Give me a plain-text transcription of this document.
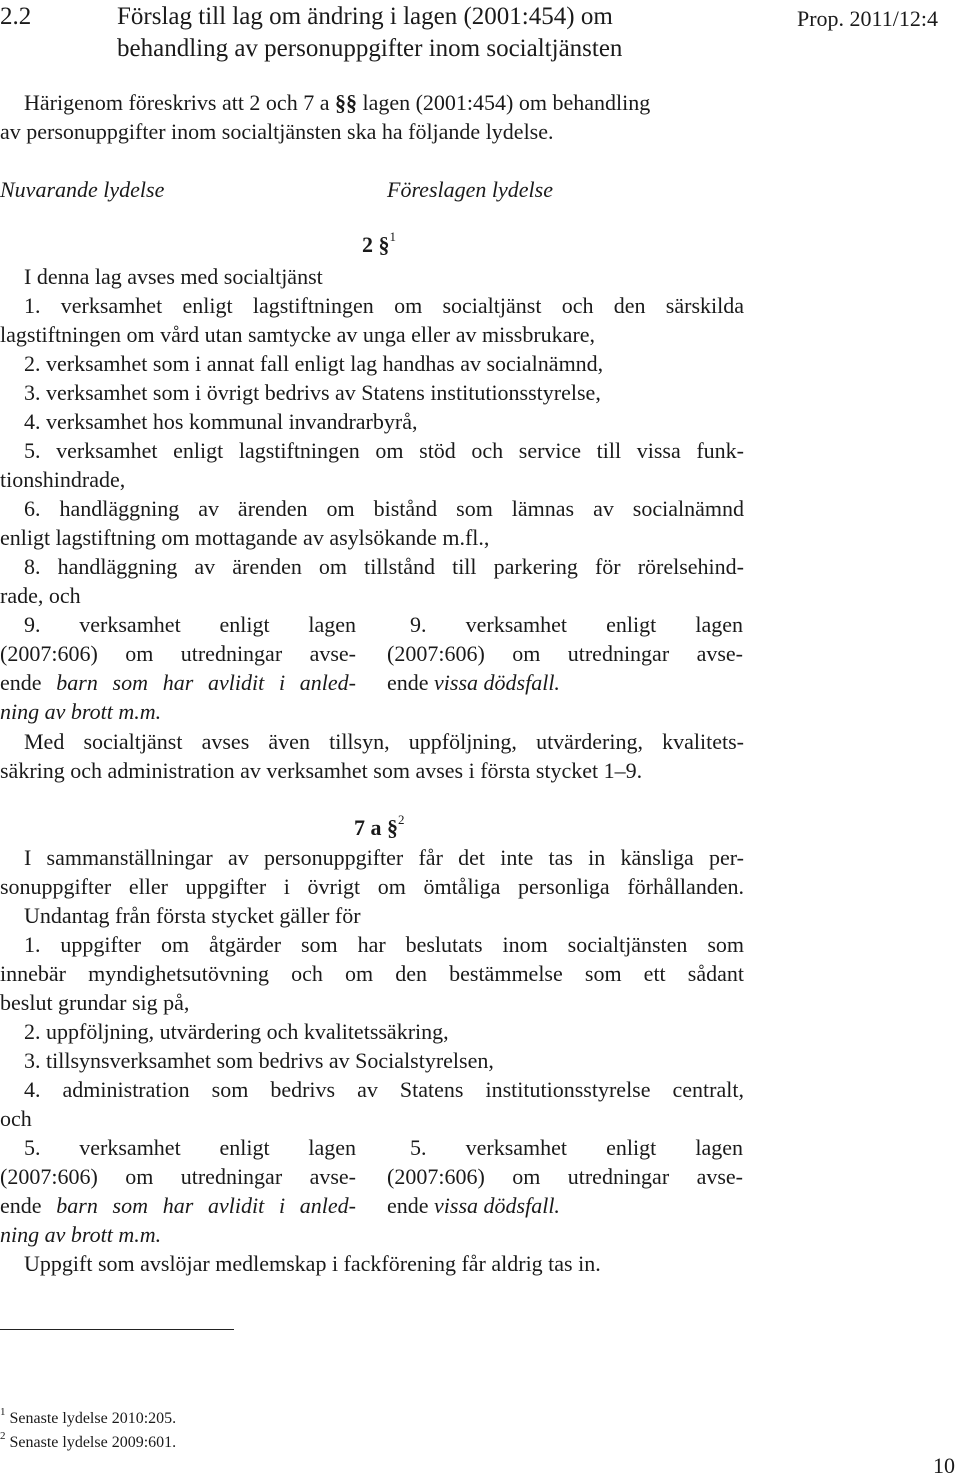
2.2	Förslag till lag om ändring i lagen (2001:454) om
behandling av personuppgifter inom socialtjänsten
Prop. 2011/12:4
Härigenom föreskrivs att 2 och 7 a §§ lagen (2001:454) om behandling
av personuppgifter inom socialtjänsten ska ha följande lydelse.
Nuvarande lydelse	Föreslagen lydelse
2 §$^1$
I denna lag avses med socialtjänst
1. verksamhet enligt lagstiftningen om socialtjänst och den särskilda
lagstiftningen om vård utan samtycke av unga eller av missbrukare,
2. verksamhet som i annat fall enligt lag handhas av socialnämnd,
3. verksamhet som i övrigt bedrivs av Statens institutionsstyrelse,
4. verksamhet hos kommunal invandrarbyrå,
5. verksamhet enligt lagstiftningen om stöd och service till vissa funk-
tionshindrade,
6. handläggning av ärenden om bistånd som lämnas av socialnämnd
enligt lagstiftning om mottagande av asylsökande m.fl.,
8. handläggning av ärenden om tillstånd till parkering för rörelsehind-
rade, och
9. verksamhet enligt lagen
(2007:606) om utredningar avse-
ende barn som har avlidit i anled-
ning av brott m.m.
9. verksamhet enligt lagen
(2007:606) om utredningar avse-
ende vissa dödsfall.
Med socialtjänst avses även tillsyn, uppföljning, utvärdering, kvalitets-
säkring och administration av verksamhet som avses i första stycket 1–9.
7 a §$^2$
I sammanställningar av personuppgifter får det inte tas in känsliga per-
sonuppgifter eller uppgifter i övrigt om ömtåliga personliga förhållanden.
Undantag från första stycket gäller för
1. uppgifter om åtgärder som har beslutats inom socialtjänsten som
innebär myndighetsutövning och om den bestämmelse som ett sådant
beslut grundar sig på,
2. uppföljning, utvärdering och kvalitetssäkring,
3. tillsynsverksamhet som bedrivs av Socialstyrelsen,
4. administration som bedrivs av Statens institutionsstyrelse centralt,
och
5. verksamhet enligt lagen
(2007:606) om utredningar avse-
ende barn som har avlidit i anled-
ning av brott m.m.
5. verksamhet enligt lagen
(2007:606) om utredningar avse-
ende vissa dödsfall.
Uppgift som avslöjar medlemskap i fackförening får aldrig tas in.
$^1$ Senaste lydelse 2010:205.
$^2$ Senaste lydelse 2009:601.
10
